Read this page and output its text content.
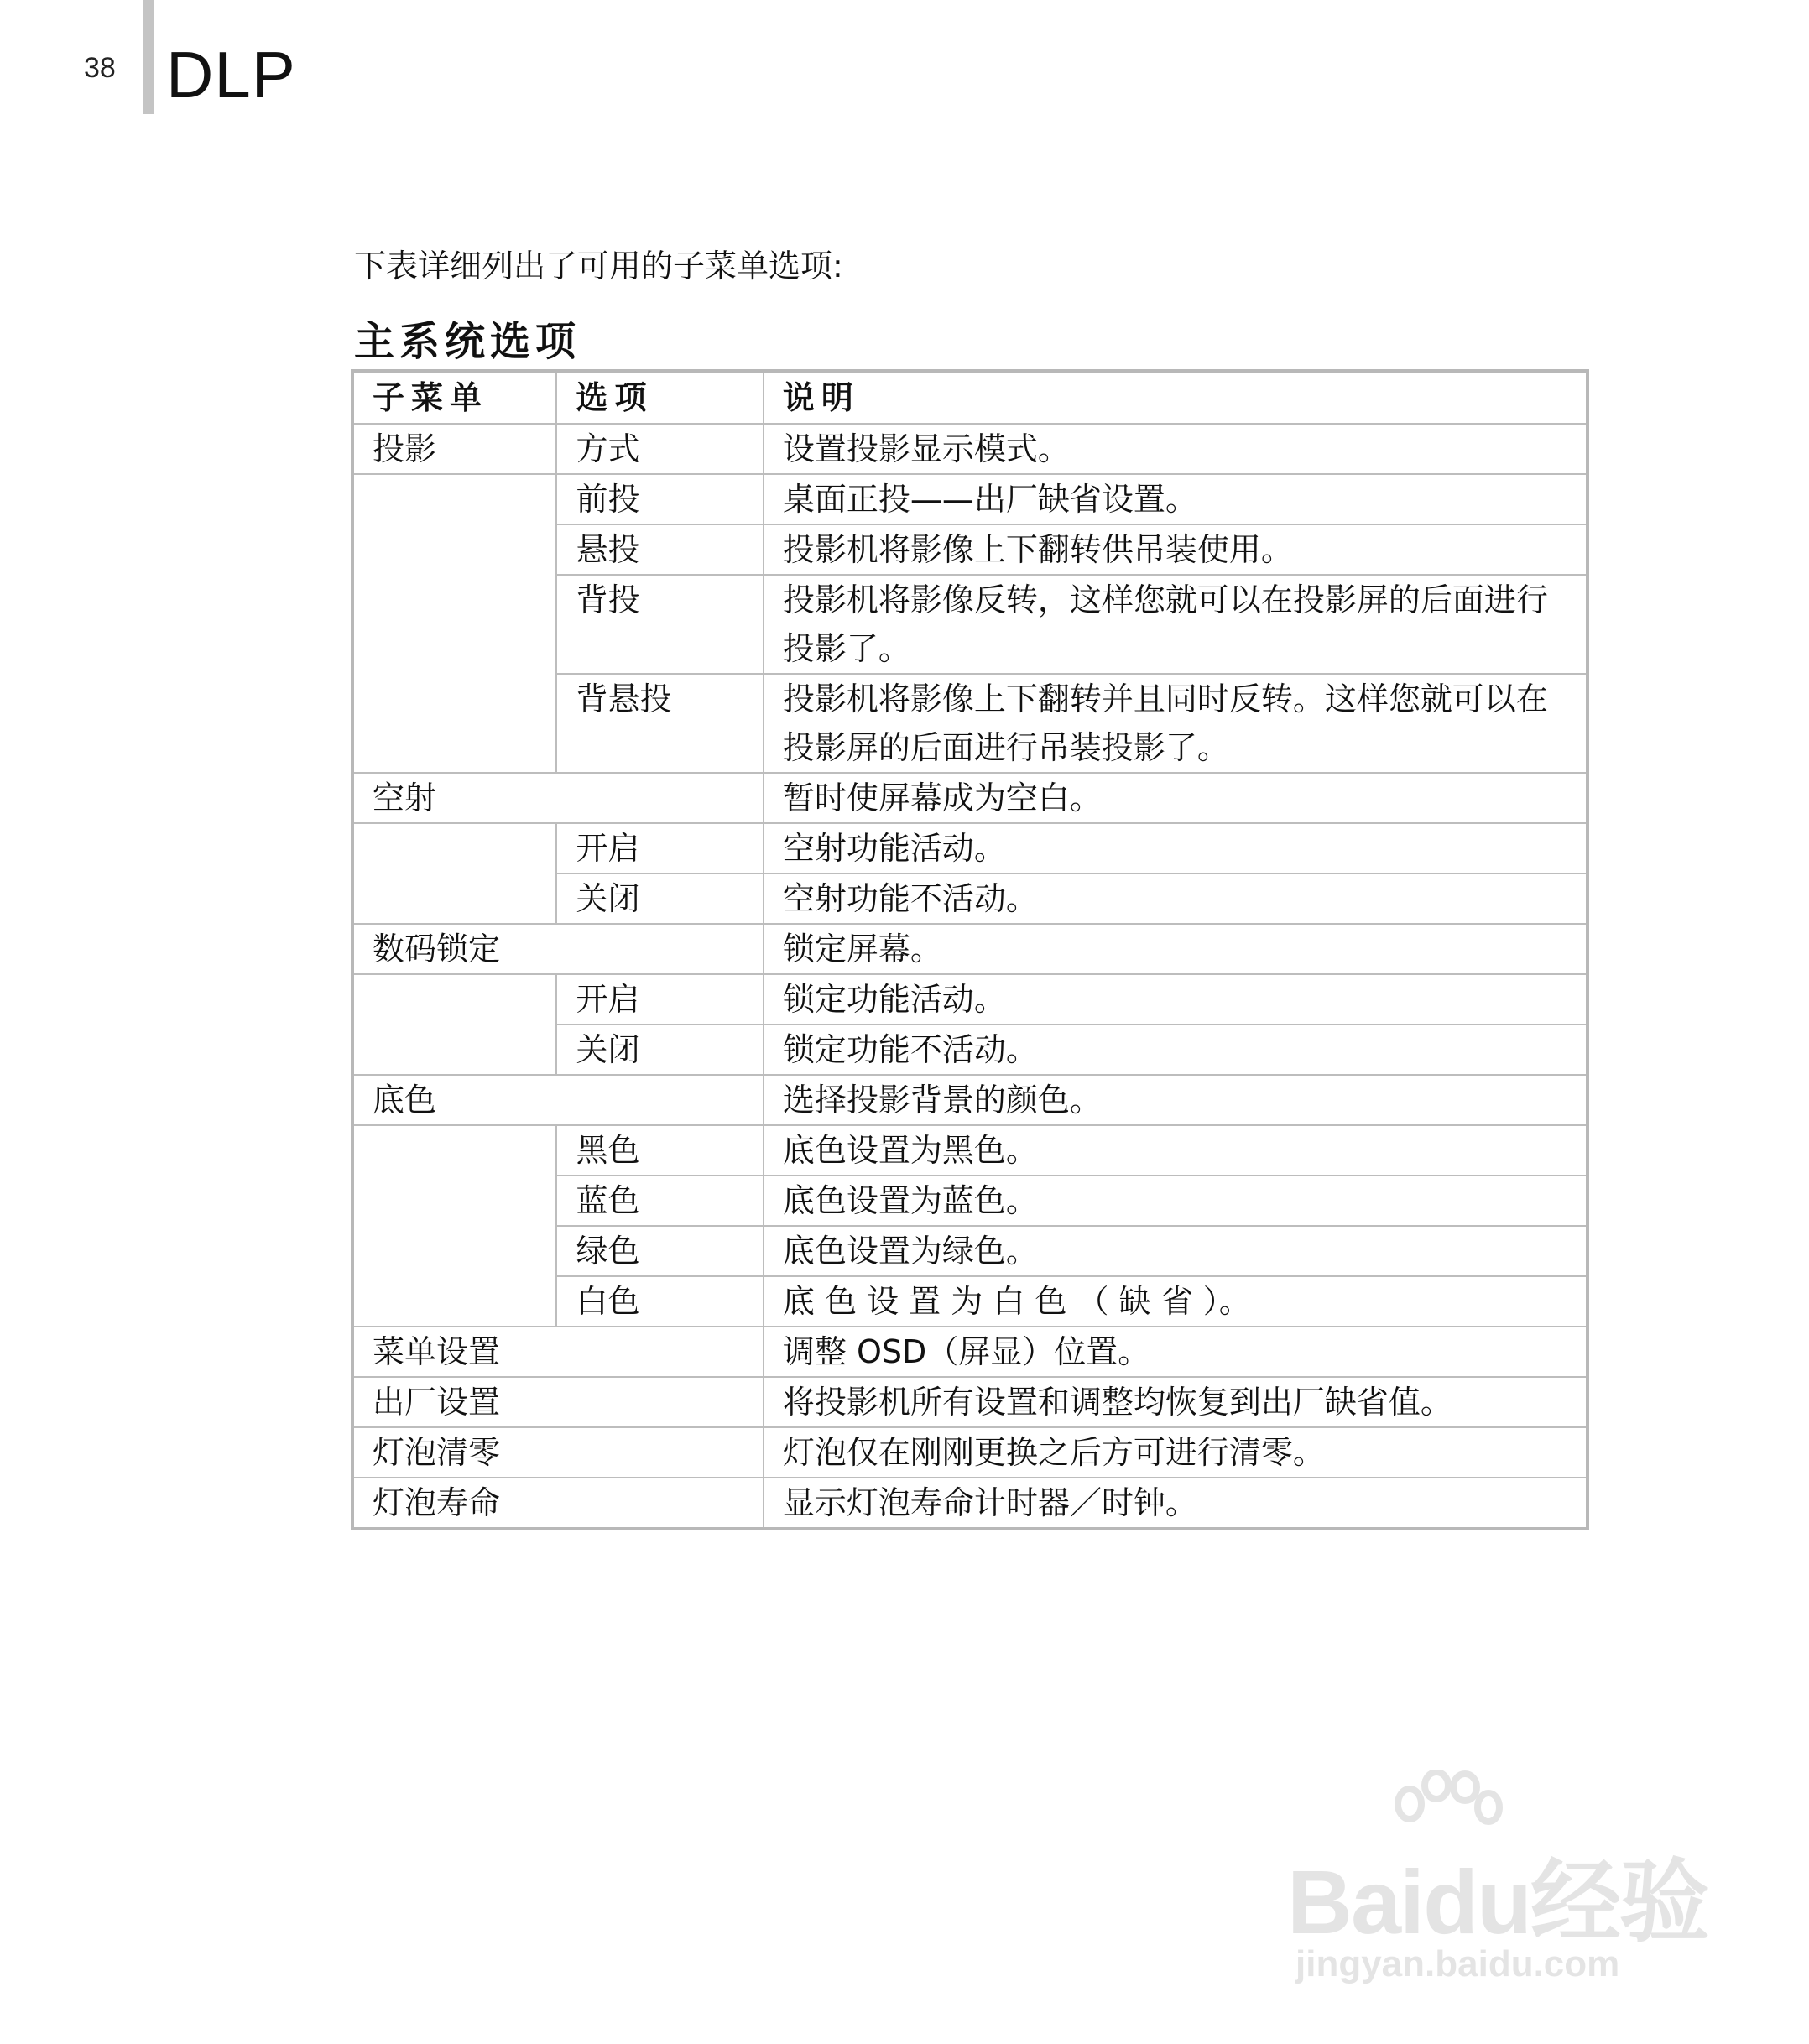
38 DLP
下表详细列出了可用的子菜单选项:
主系统选项
子菜单	选项	说明
投影	方式	设置投影显示模式。
	前投	桌面正投——出厂缺省设置。
	悬投	投影机将影像上下翻转供吊装使用。
	背投	投影机将影像反转，这样您就可以在投影屏的后面进行
		投影了。
	背悬投	投影机将影像上下翻转并且同时反转。这样您就可以在
		投影屏的后面进行吊装投影了。
空射		暂时使屏幕成为空白。
	开启	空射功能活动。
	关闭	空射功能不活动。
数码锁定		锁定屏幕。
	开启	锁定功能活动。
	关闭	锁定功能不活动。
底色		选择投影背景的颜色。
	黑色	底色设置为黑色。
	蓝色	底色设置为蓝色。
	绿色	底色设置为绿色。
	白色	底 色 设 置 为 白 色 （ 缺 省 ）。
菜单设置		调整 OSD（屏显）位置。
出厂设置		将投影机所有设置和调整均恢复到出厂缺省值。
灯泡清零		灯泡仅在刚刚更换之后方可进行清零。
灯泡寿命		显示灯泡寿命计时器／时钟。
Baidu经验
jingyan.baidu.com
